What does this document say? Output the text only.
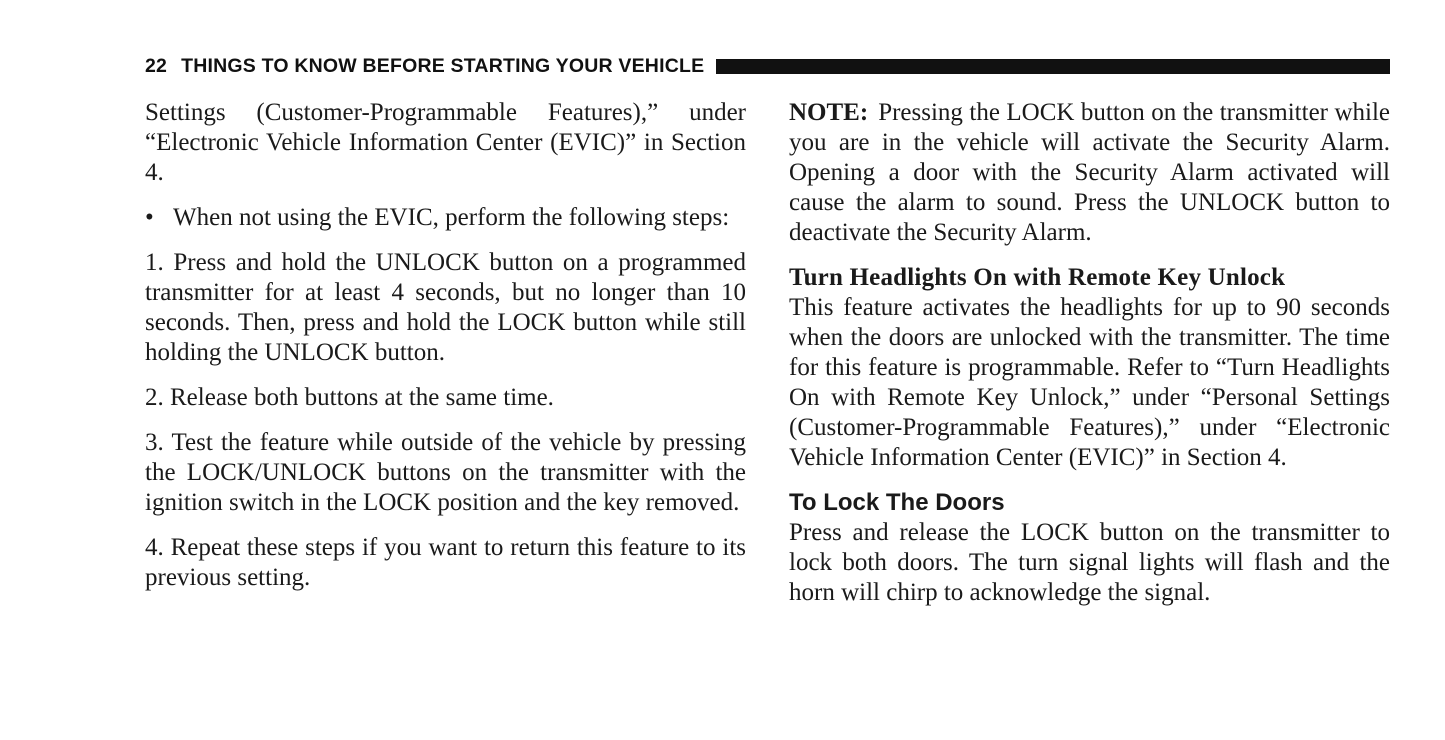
22 THINGS TO KNOW BEFORE STARTING YOUR VEHICLE

Settings (Customer-Programmable Features),” under “Electronic Vehicle Information Center (EVIC)” in Section 4.

• When not using the EVIC, perform the following steps:

1. Press and hold the UNLOCK button on a programmed transmitter for at least 4 seconds, but no longer than 10 seconds. Then, press and hold the LOCK button while still holding the UNLOCK button.

2. Release both buttons at the same time.

3. Test the feature while outside of the vehicle by pressing the LOCK/UNLOCK buttons on the transmitter with the ignition switch in the LOCK position and the key removed.

4. Repeat these steps if you want to return this feature to its previous setting.

NOTE: Pressing the LOCK button on the transmitter while you are in the vehicle will activate the Security Alarm. Opening a door with the Security Alarm activated will cause the alarm to sound. Press the UNLOCK button to deactivate the Security Alarm.

Turn Headlights On with Remote Key Unlock

This feature activates the headlights for up to 90 seconds when the doors are unlocked with the transmitter. The time for this feature is programmable. Refer to “Turn Headlights On with Remote Key Unlock,” under “Personal Settings (Customer-Programmable Features),” under “Electronic Vehicle Information Center (EVIC)” in Section 4.

To Lock The Doors

Press and release the LOCK button on the transmitter to lock both doors. The turn signal lights will flash and the horn will chirp to acknowledge the signal.
